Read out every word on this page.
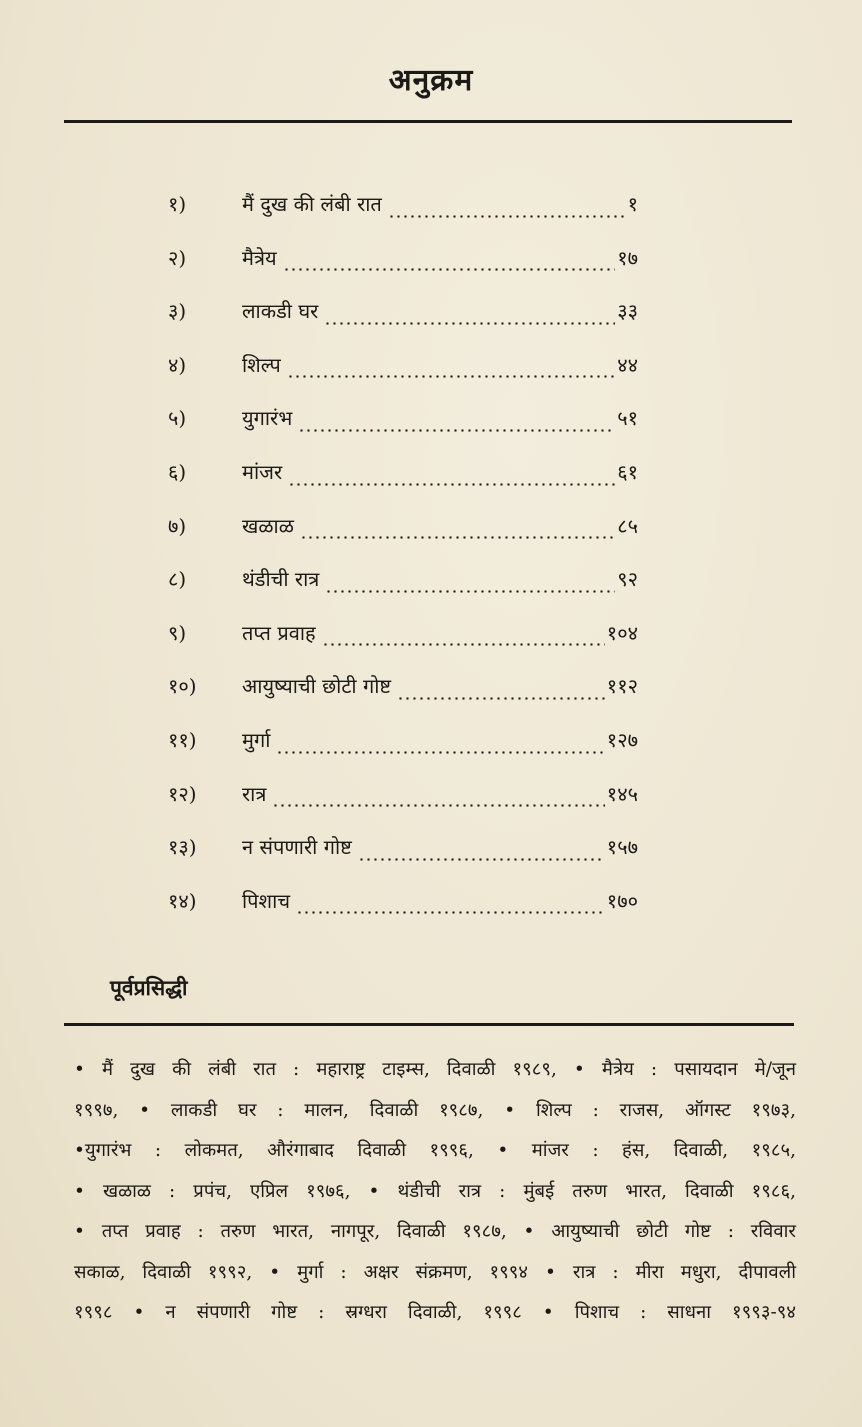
अनुक्रम
१)	मैं दुख की लंबी रात	१
२)	मैत्रेय	१७
३)	लाकडी घर	३३
४)	शिल्प	४४
५)	युगारंभ	५१
६)	मांजर	६१
७)	खळाळ	८५
८)	थंडीची रात्र	९२
९)	तप्त प्रवाह	१०४
१०)	आयुष्याची छोटी गोष्ट	११२
११)	मुर्गा	१२७
१२)	रात्र	१४५
१३)	न संपणारी गोष्ट	१५७
१४)	पिशाच	१७०
पूर्वप्रसिद्धी
• मैं दुख की लंबी रात : महाराष्ट्र टाइम्स, दिवाळी १९८९, • मैत्रेय : पसायदान मे/जून
१९९७, • लाकडी घर : मालन, दिवाळी १९८७, • शिल्प : राजस, ऑगस्ट १९७३,
•युगारंभ : लोकमत, औरंगाबाद दिवाळी १९९६, • मांजर : हंस, दिवाळी, १९८५,
• खळाळ : प्रपंच, एप्रिल १९७६, • थंडीची रात्र : मुंबई तरुण भारत, दिवाळी १९८६,
• तप्त प्रवाह : तरुण भारत, नागपूर, दिवाळी १९८७, • आयुष्याची छोटी गोष्ट : रविवार
सकाळ, दिवाळी १९९२, • मुर्गा : अक्षर संक्रमण, १९९४ • रात्र : मीरा मधुरा, दीपावली
१९९८ • न संपणारी गोष्ट : स्रग्धरा दिवाळी, १९९८ • पिशाच : साधना १९९३-९४
